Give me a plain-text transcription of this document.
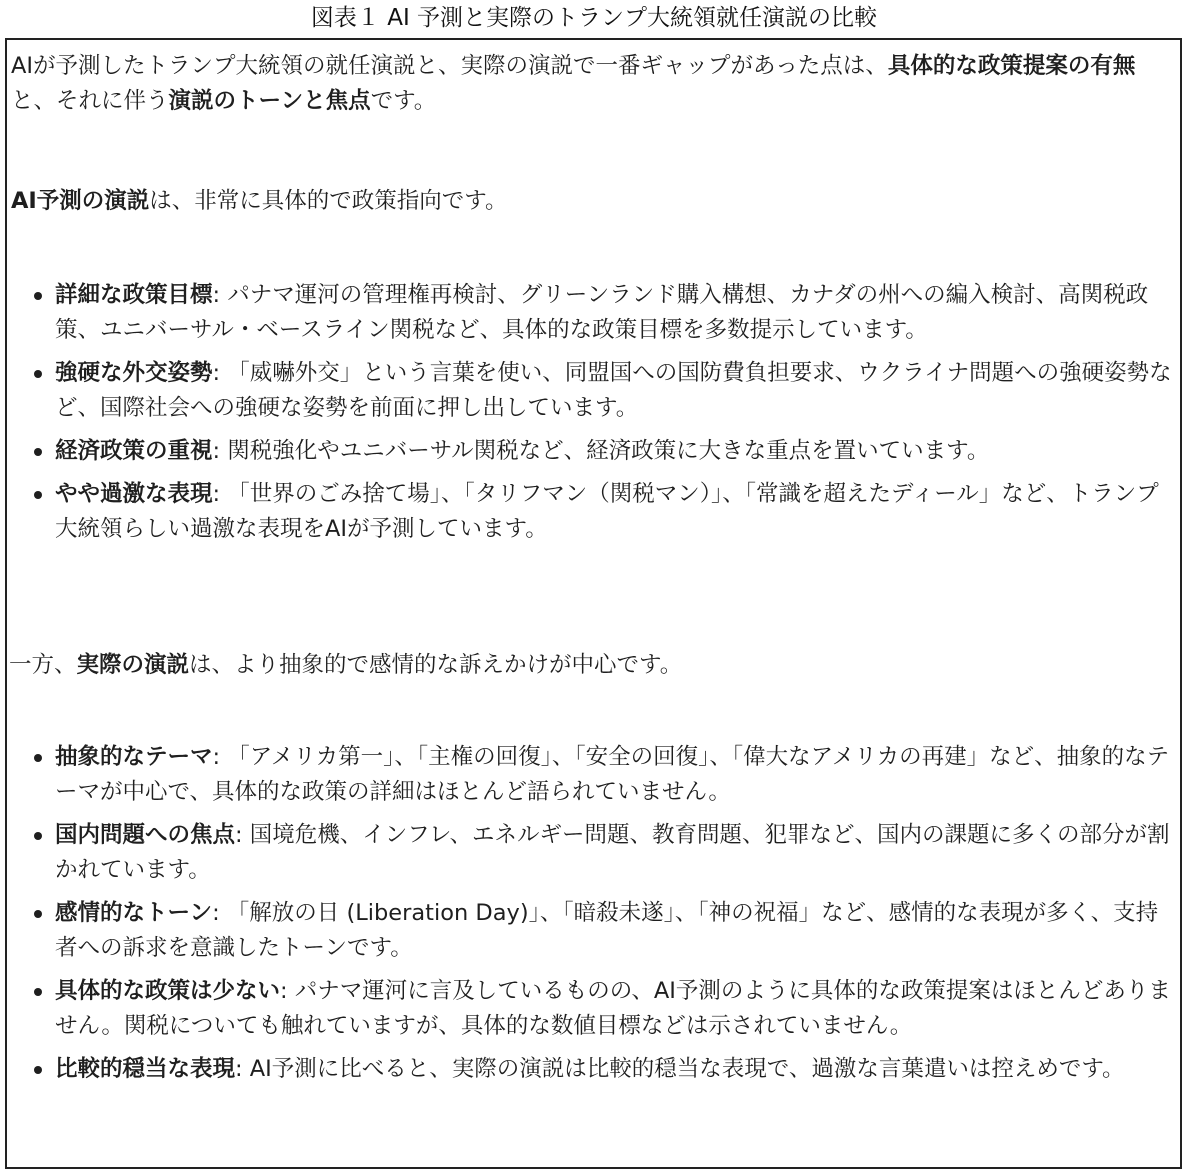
図表１ AI 予測と実際のトランプ大統領就任演説の比較

AIが予測したトランプ大統領の就任演説と、実際の演説で一番ギャップがあった点は、具体的な政策提案の有無と、それに伴う演説のトーンと焦点です。

AI予測の演説は、非常に具体的で政策指向です。

詳細な政策目標: パナマ運河の管理権再検討、グリーンランド購入構想、カナダの州への編入検討、高関税政策、ユニバーサル・ベースライン関税など、具体的な政策目標を多数提示しています。
強硬な外交姿勢: 「威嚇外交」という言葉を使い、同盟国への国防費負担要求、ウクライナ問題への強硬姿勢など、国際社会への強硬な姿勢を前面に押し出しています。
経済政策の重視: 関税強化やユニバーサル関税など、経済政策に大きな重点を置いています。
やや過激な表現: 「世界のごみ捨て場」、「タリフマン（関税マン）」、「常識を超えたディール」など、トランプ大統領らしい過激な表現をAIが予測しています。

一方、実際の演説は、より抽象的で感情的な訴えかけが中心です。

抽象的なテーマ: 「アメリカ第一」、「主権の回復」、「安全の回復」、「偉大なアメリカの再建」など、抽象的なテーマが中心で、具体的な政策の詳細はほとんど語られていません。
国内問題への焦点: 国境危機、インフレ、エネルギー問題、教育問題、犯罪など、国内の課題に多くの部分が割かれています。
感情的なトーン: 「解放の日 (Liberation Day)」、「暗殺未遂」、「神の祝福」など、感情的な表現が多く、支持者への訴求を意識したトーンです。
具体的な政策は少ない: パナマ運河に言及しているものの、AI予測のように具体的な政策提案はほとんどありません。関税についても触れていますが、具体的な数値目標などは示されていません。
比較的穏当な表現: AI予測に比べると、実際の演説は比較的穏当な表現で、過激な言葉遣いは控えめです。
